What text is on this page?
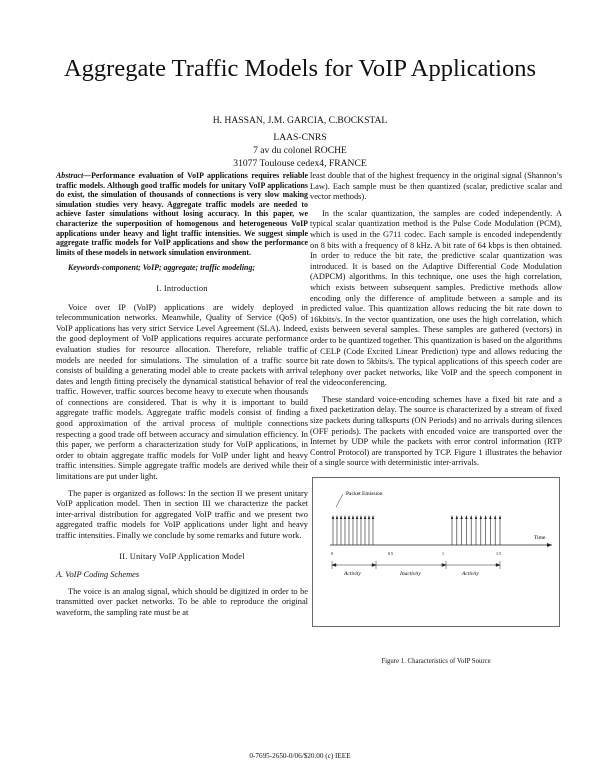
Aggregate Traffic Models for VoIP Applications
H. HASSAN, J.M. GARCIA, C.BOCKSTAL
LAAS-CNRS
7 av du colonel ROCHE
31077 Toulouse cedex4, FRANCE

Abstract—Performance evaluation of VoIP applications requires reliable traffic models. Although good traffic models for unitary VoIP applications do exist, the simulation of thousands of connections is very slow making simulation studies very heavy. Aggregate traffic models are needed to achieve faster simulations without losing accuracy. In this paper, we characterize the superposition of homogenous and heterogeneous VoIP applications under heavy and light traffic intensities. We suggest simple aggregate traffic models for VoIP applications and show the performance limits of these models in network simulation environment.

Keywords-component; VoIP; aggregate; traffic modeling;

I. Introduction

Voice over IP (VoIP) applications are widely deployed in telecommunication networks. Meanwhile, Quality of Service (QoS) of VoIP applications has very strict Service Level Agreement (SLA). Indeed, the good deployment of VoIP applications requires accurate performance evaluation studies for resource allocation. Therefore, reliable traffic models are needed for simulations. The simulation of a traffic source consists of building a generating model able to create packets with arrival dates and length fitting precisely the dynamical statistical behavior of real traffic. However, traffic sources become heavy to execute when thousands of connections are considered. That is why it is important to build aggregate traffic models. Aggregate traffic models consist of finding a good approximation of the arrival process of multiple connections respecting a good trade off between accuracy and simulation efficiency. In this paper, we perform a characterization study for VoIP applications, in order to obtain aggregate traffic models for VoIP under light and heavy traffic intensities. Simple aggregate traffic models are derived while their limitations are put under light.

The paper is organized as follows: In the section II we present unitary VoIP application model. Then in section III we characterize the packet inter-arrival distribution for aggregated VoIP traffic and we present two aggregated traffic models for VoIP applications under light and heavy traffic intensities. Finally we conclude by some remarks and future work.

II. Unitary VoIP Application Model

A. VoIP Coding Schemes

The voice is an analog signal, which should be digitized in order to be transmitted over packet networks. To be able to reproduce the original waveform, the sampling rate must be at

least double that of the highest frequency in the original signal (Shannon’s Law). Each sample must be then quantized (scalar, predictive scalar and vector methods).

In the scalar quantization, the samples are coded independently. A typical scalar quantization method is the Pulse Code Modulation (PCM), which is used in the G711 codec. Each sample is encoded independently on 8 bits with a frequency of 8 kHz. A bit rate of 64 kbps is then obtained. In order to reduce the bit rate, the predictive scalar quantization was introduced. It is based on the Adaptive Differential Code Modulation (ADPCM) algorithms. In this technique, one uses the high correlation, which exists between subsequent samples. Predictive methods allow encoding only the difference of amplitude between a sample and its predicted value. This quantization allows reducing the bit rate down to 16kbits/s. In the vector quantization, one uses the high correlation, which exists between several samples. These samples are gathered (vectors) in order to be quantized together. This quantization is based on the algorithms of CELP (Code Excited Linear Prediction) type and allows reducing the bit rate down to 5kbits/s. The typical applications of this speech coder are telephony over packet networks, like VoIP and the speech component in the videoconferencing.

These standard voice-encoding schemes have a fixed bit rate and a fixed packetization delay. The source is characterized by a stream of fixed size packets during talkspurts (ON Periods) and no arrivals during silences (OFF periods). The packets with encoded voice are transported over the Internet by UDP while the packets with error control information (RTP Control Protocol) are transported by TCP. Figure 1 illustrates the behavior of a single source with deterministic inter-arrivals.

Packet Emission
Time
0	0.5	1	1.5
Activity	Inactivity	Activity

Figure 1. Characteristics of VoIP Source

0-7695-2650-0/06/$20.00 (c) IEEE
